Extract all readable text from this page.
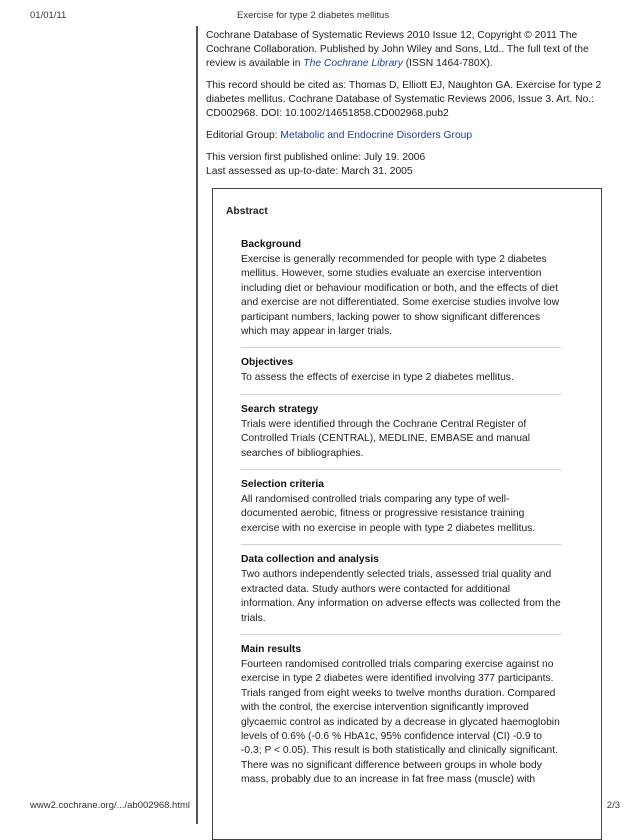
01/01/11	Exercise for type 2 diabetes mellitus

Cochrane Database of Systematic Reviews 2010 Issue 12, Copyright © 2011 The Cochrane Collaboration. Published by John Wiley and Sons, Ltd.. The full text of the review is available in The Cochrane Library (ISSN 1464-780X).

This record should be cited as: Thomas D, Elliott EJ, Naughton GA. Exercise for type 2 diabetes mellitus. Cochrane Database of Systematic Reviews 2006, Issue 3. Art. No.: CD002968. DOI: 10.1002/14651858.CD002968.pub2

Editorial Group: Metabolic and Endocrine Disorders Group

This version first published online: July 19. 2006
Last assessed as up-to-date: March 31. 2005

Abstract
Background

Exercise is generally recommended for people with type 2 diabetes mellitus. However, some studies evaluate an exercise intervention including diet or behaviour modification or both, and the effects of diet and exercise are not differentiated. Some exercise studies involve low participant numbers, lacking power to show significant differences which may appear in larger trials.

Objectives

To assess the effects of exercise in type 2 diabetes mellitus.

Search strategy

Trials were identified through the Cochrane Central Register of Controlled Trials (CENTRAL), MEDLINE, EMBASE and manual searches of bibliographies.

Selection criteria

All randomised controlled trials comparing any type of well-documented aerobic, fitness or progressive resistance training exercise with no exercise in people with type 2 diabetes mellitus.

Data collection and analysis

Two authors independently selected trials, assessed trial quality and extracted data. Study authors were contacted for additional information. Any information on adverse effects was collected from the trials.

Main results

Fourteen randomised controlled trials comparing exercise against no exercise in type 2 diabetes were identified involving 377 participants. Trials ranged from eight weeks to twelve months duration. Compared with the control, the exercise intervention significantly improved glycaemic control as indicated by a decrease in glycated haemoglobin levels of 0.6% (-0.6 % HbA1c, 95% confidence interval (CI) -0.9 to -0.3; P < 0.05). This result is both statistically and clinically significant. There was no significant difference between groups in whole body mass, probably due to an increase in fat free mass (muscle) with

www2.cochrane.org/.../ab002968.html	2/3
